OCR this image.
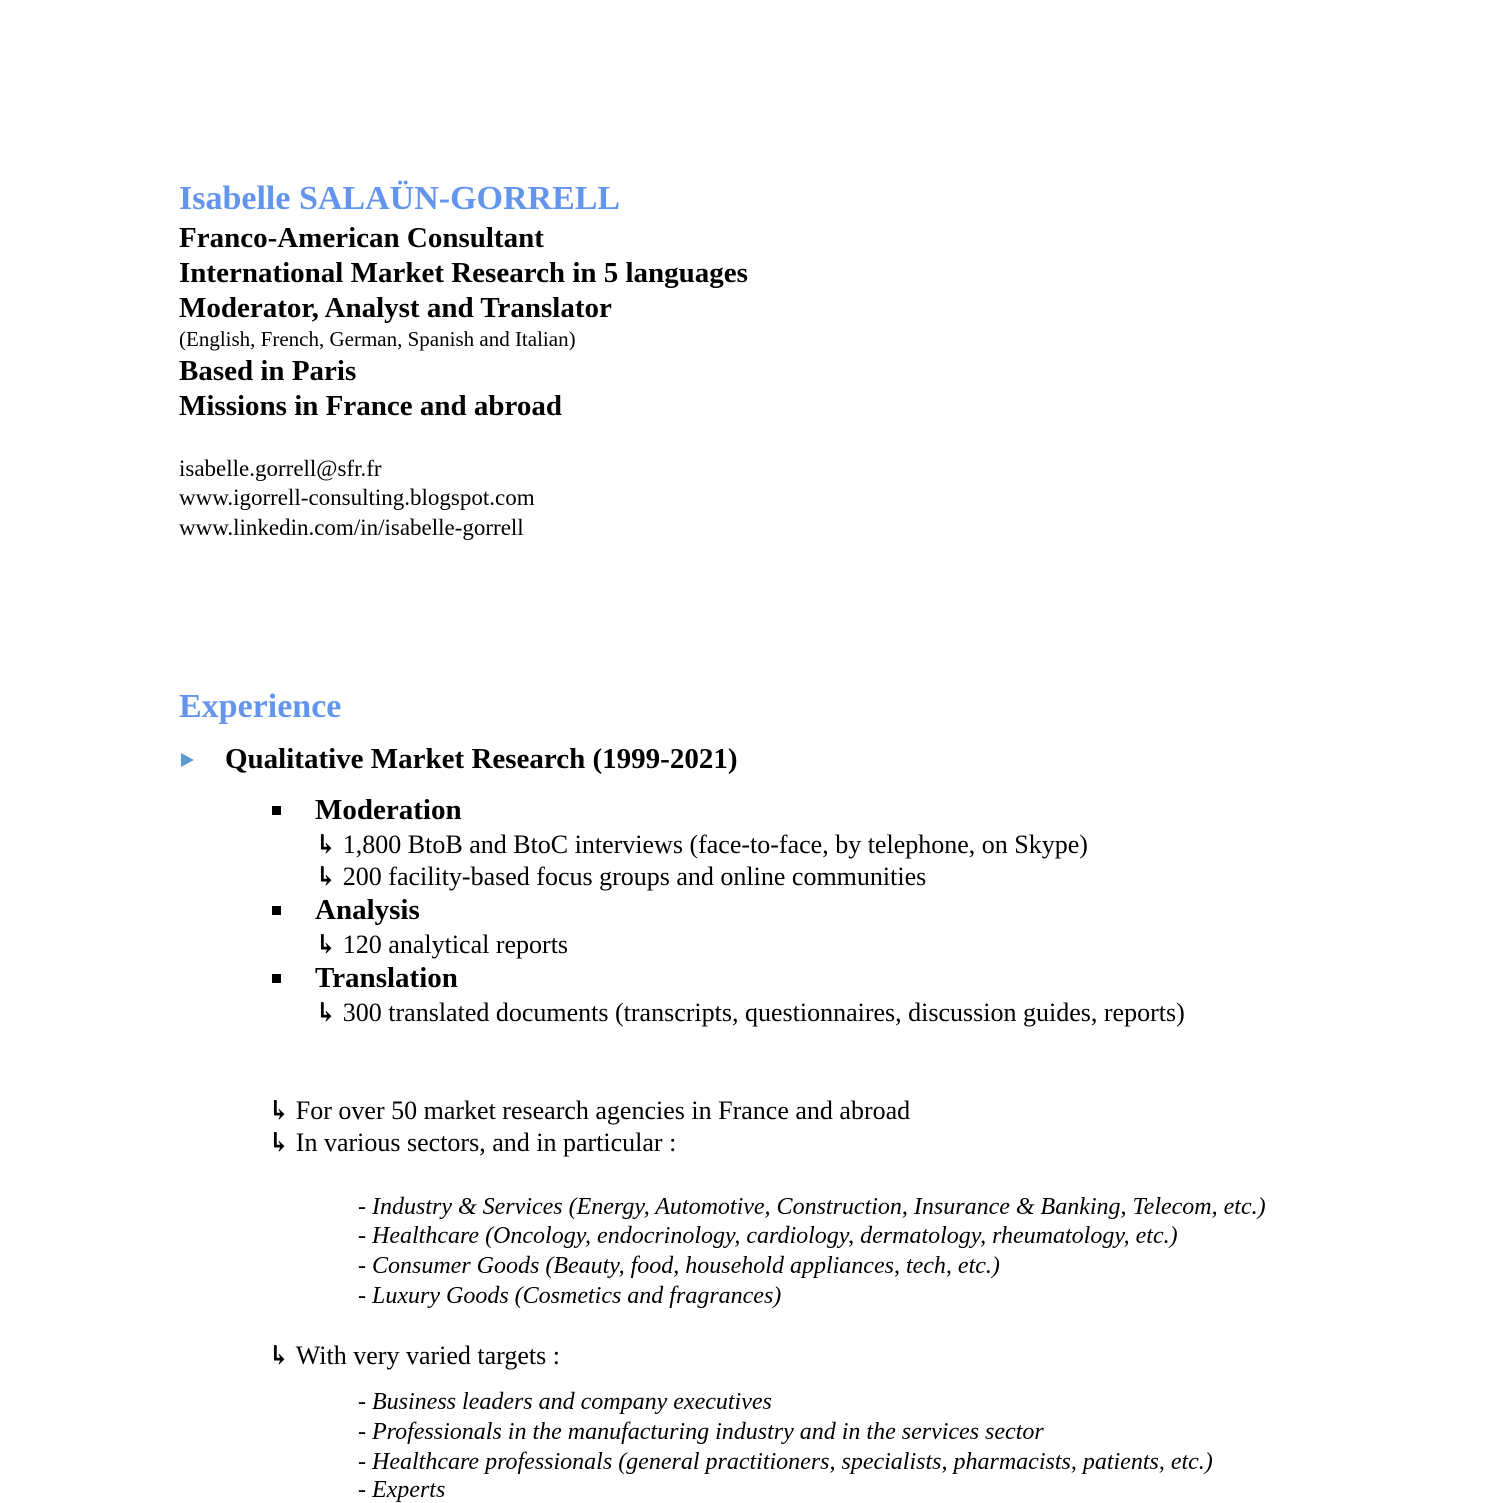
Isabelle SALAÜN-GORRELL
Franco-American Consultant
International Market Research in 5 languages
Moderator, Analyst and Translator
(English, French, German, Spanish and Italian)
Based in Paris
Missions in France and abroad
isabelle.gorrell@sfr.fr
www.igorrell-consulting.blogspot.com
www.linkedin.com/in/isabelle-gorrell
Experience
Qualitative Market Research (1999-2021)
Moderation
↳ 1,800 BtoB and BtoC interviews (face-to-face, by telephone, on Skype)
↳ 200 facility-based focus groups and online communities
Analysis
↳ 120 analytical reports
Translation
↳ 300 translated documents (transcripts, questionnaires, discussion guides, reports)
↳ For over 50 market research agencies in France and abroad
↳ In various sectors, and in particular :
- Industry & Services (Energy, Automotive, Construction, Insurance & Banking, Telecom, etc.)
- Healthcare (Oncology, endocrinology, cardiology, dermatology, rheumatology, etc.)
- Consumer Goods (Beauty, food, household appliances, tech, etc.)
- Luxury Goods (Cosmetics and fragrances)
↳ With very varied targets :
- Business leaders and company executives
- Professionals in the manufacturing industry and in the services sector
- Healthcare professionals (general practitioners, specialists, pharmacists, patients, etc.)
- Experts
